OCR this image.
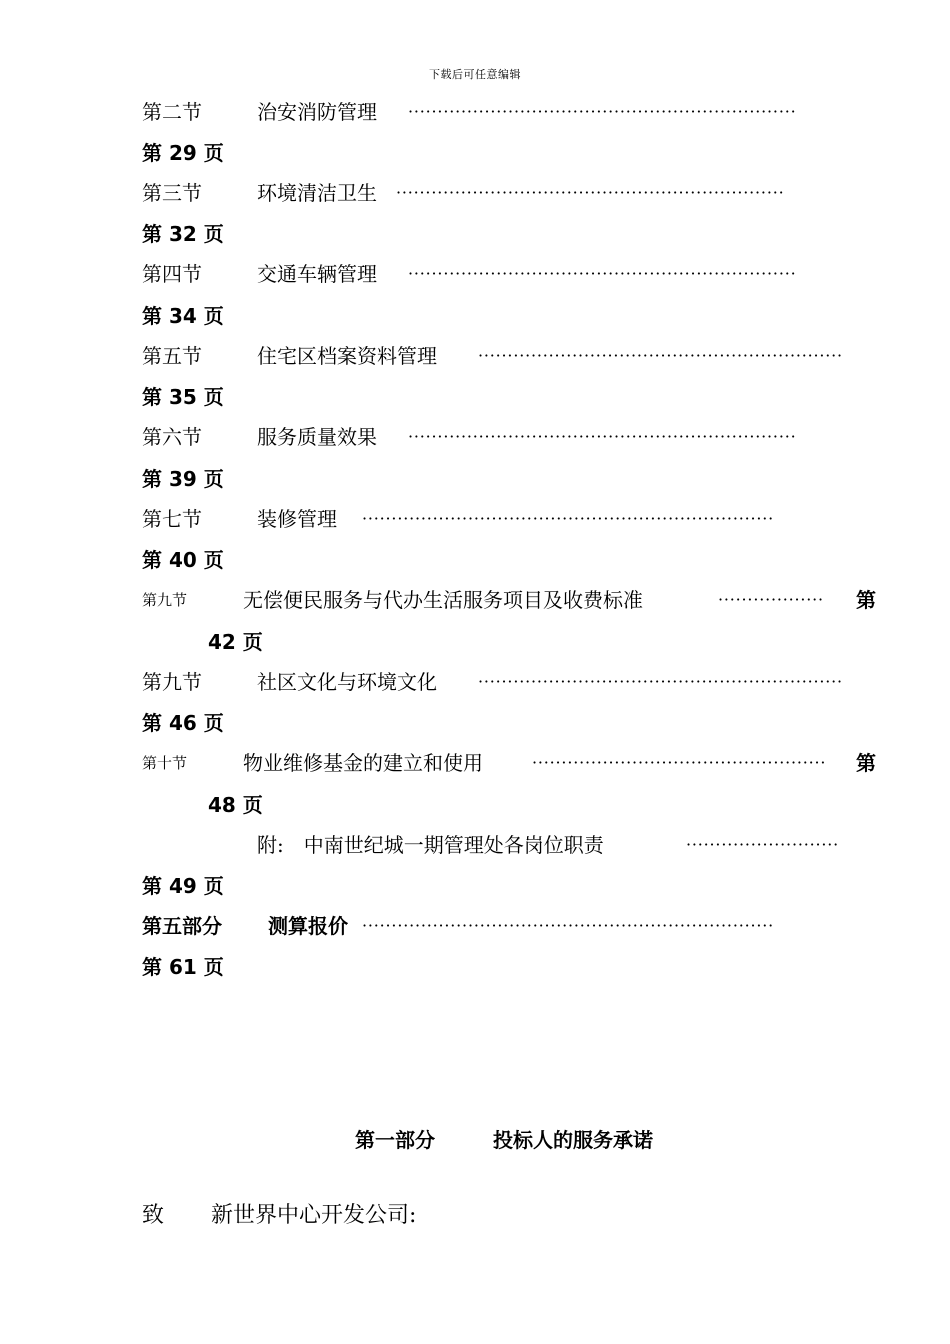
下载后可任意编辑
第二节	治安消防管理 ··································································
第 29 页
第三节	环境清洁卫生 ··································································
第 32 页
第四节	交通车辆管理 ··································································
第 34 页
第五节	住宅区档案资料管理	······························································
第 35 页
第六节	服务质量效果 ··································································
第 39 页
第七节	装修管理 ······································································
第 40 页
第九节	无偿便民服务与代办生活服务项目及收费标准	··················	第
42 页
第九节	社区文化与环境文化	······························································
第 46 页
第十节	物业维修基金的建立和使用	·················································· 第
48 页
附:　中南世纪城一期管理处各岗位职责	··························
第 49 页
第五部分 测算报价 ······································································
第 61 页
第一部分	投标人的服务承诺
致 新世界中心开发公司:
